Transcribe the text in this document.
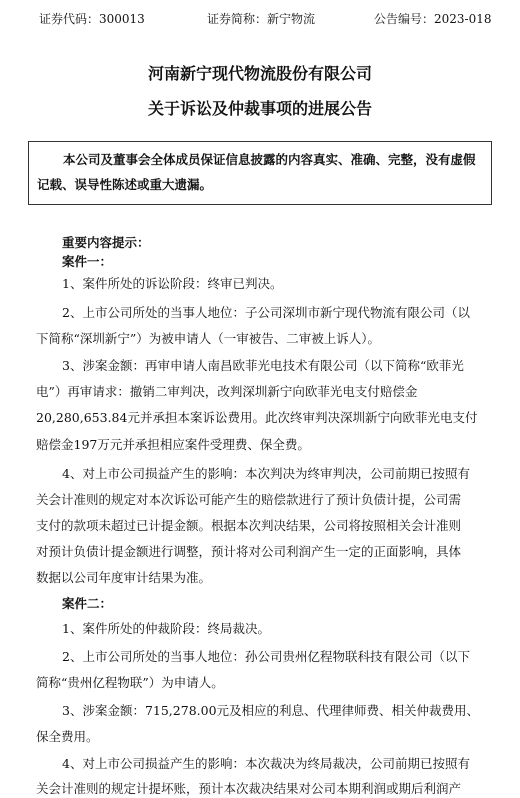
证券代码：300013	证券简称：新宁物流	公告编号：2023-018
河南新宁现代物流股份有限公司
关于诉讼及仲裁事项的进展公告

本公司及董事会全体成员保证信息披露的内容真实、准确、完整，没有虚假

记载、误导性陈述或重大遗漏。

重要内容提示：
案件一：
1、案件所处的诉讼阶段：终审已判决。
2、上市公司所处的当事人地位：子公司深圳市新宁现代物流有限公司（以
下简称“深圳新宁”）为被申请人（一审被告、二审被上诉人）。
3、涉案金额：再审申请人南昌欧菲光电技术有限公司（以下简称“欧菲光
电”）再审请求：撤销二审判决，改判深圳新宁向欧菲光电支付赔偿金
20,280,653.84元并承担本案诉讼费用。此次终审判决深圳新宁向欧菲光电支付
赔偿金197万元并承担相应案件受理费、保全费。
4、对上市公司损益产生的影响：本次判决为终审判决，公司前期已按照有
关会计准则的规定对本次诉讼可能产生的赔偿款进行了预计负债计提，公司需
支付的款项未超过已计提金额。根据本次判决结果，公司将按照相关会计准则
对预计负债计提金额进行调整，预计将对公司利润产生一定的正面影响，具体
数据以公司年度审计结果为准。
案件二：
1、案件所处的仲裁阶段：终局裁决。
2、上市公司所处的当事人地位：孙公司贵州亿程物联科技有限公司（以下
简称“贵州亿程物联”）为申请人。
3、涉案金额：715,278.00元及相应的利息、代理律师费、相关仲裁费用、
保全费用。
4、对上市公司损益产生的影响：本次裁决为终局裁决，公司前期已按照有
关会计准则的规定计提坏账，预计本次裁决结果对公司本期利润或期后利润产
